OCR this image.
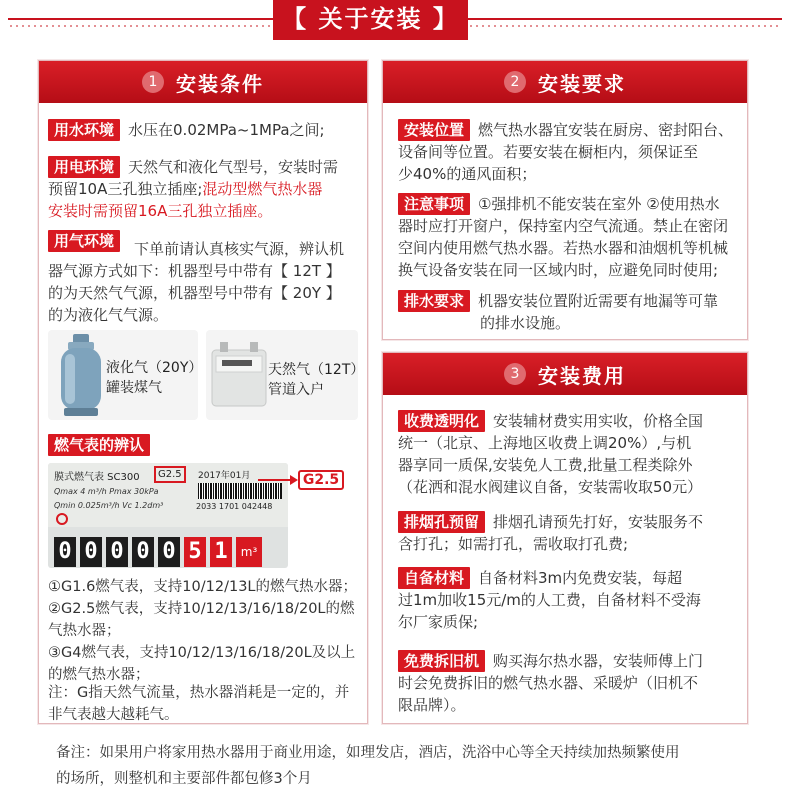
【 关于安装 】
1 安装条件
用水环境 水压在0.02MPa~1MPa之间;
用电环境 天然气和液化气型号，安装时需
预留10A三孔独立插座;混动型燃气热水器
安装时需预留16A三孔独立插座。
用气环境	下单前请认真核实气源，辨认机
器气源方式如下：机器型号中带有【 12T 】
的为天然气气源，机器型号中带有【 20Y 】
的为液化气气源。
液化气（20Y）
罐装煤气
天然气（12T）
管道入户
燃气表的辨认
膜式燃气表 SC300	G2.5	2017年01月
Qmax 4 m³/h Pmax 30kPa
Qmin 0.025m³/h Vc 1.2dm³	2033 1701 042448
0 0 0 0 0 5 1	m³
G2.5
①G1.6燃气表，支持10/12/13L的燃气热水器；
②G2.5燃气表，支持10/12/13/16/18/20L的燃
气热水器；
③G4燃气表，支持10/12/13/16/18/20L及以上
的燃气热水器；
注：G指天然气流量，热水器消耗是一定的，并
非气表越大越耗气。
2 安装要求
安装位置 燃气热水器宜安装在厨房、密封阳台、
设备间等位置。若要安装在橱柜内，须保证至
少40%的通风面积；
注意事项 ①强排机不能安装在室外 ②使用热水
器时应打开窗户，保持室内空气流通。禁止在密闭
空间内使用燃气热水器。若热水器和油烟机等机械
换气设备安装在同一区域内时，应避免同时使用;
排水要求 机器安装位置附近需要有地漏等可靠
的排水设施。
3 安装费用
收费透明化 安装辅材费实用实收，价格全国
统一（北京、上海地区收费上调20%）,与机
器享同一质保,安装免人工费,批量工程类除外
（花洒和混水阀建议自备，安装需收取50元）
排烟孔预留 排烟孔请预先打好，安装服务不
含打孔；如需打孔，需收取打孔费;
自备材料 自备材料3m内免费安装，每超
过1m加收15元/m的人工费，自备材料不受海
尔厂家质保;
免费拆旧机 购买海尔热水器，安装师傅上门
时会免费拆旧的燃气热水器、采暖炉（旧机不
限品牌）。
备注：如果用户将家用热水器用于商业用途，如理发店，酒店，洗浴中心等全天持续加热频繁使用
的场所，则整机和主要部件都包修3个月
